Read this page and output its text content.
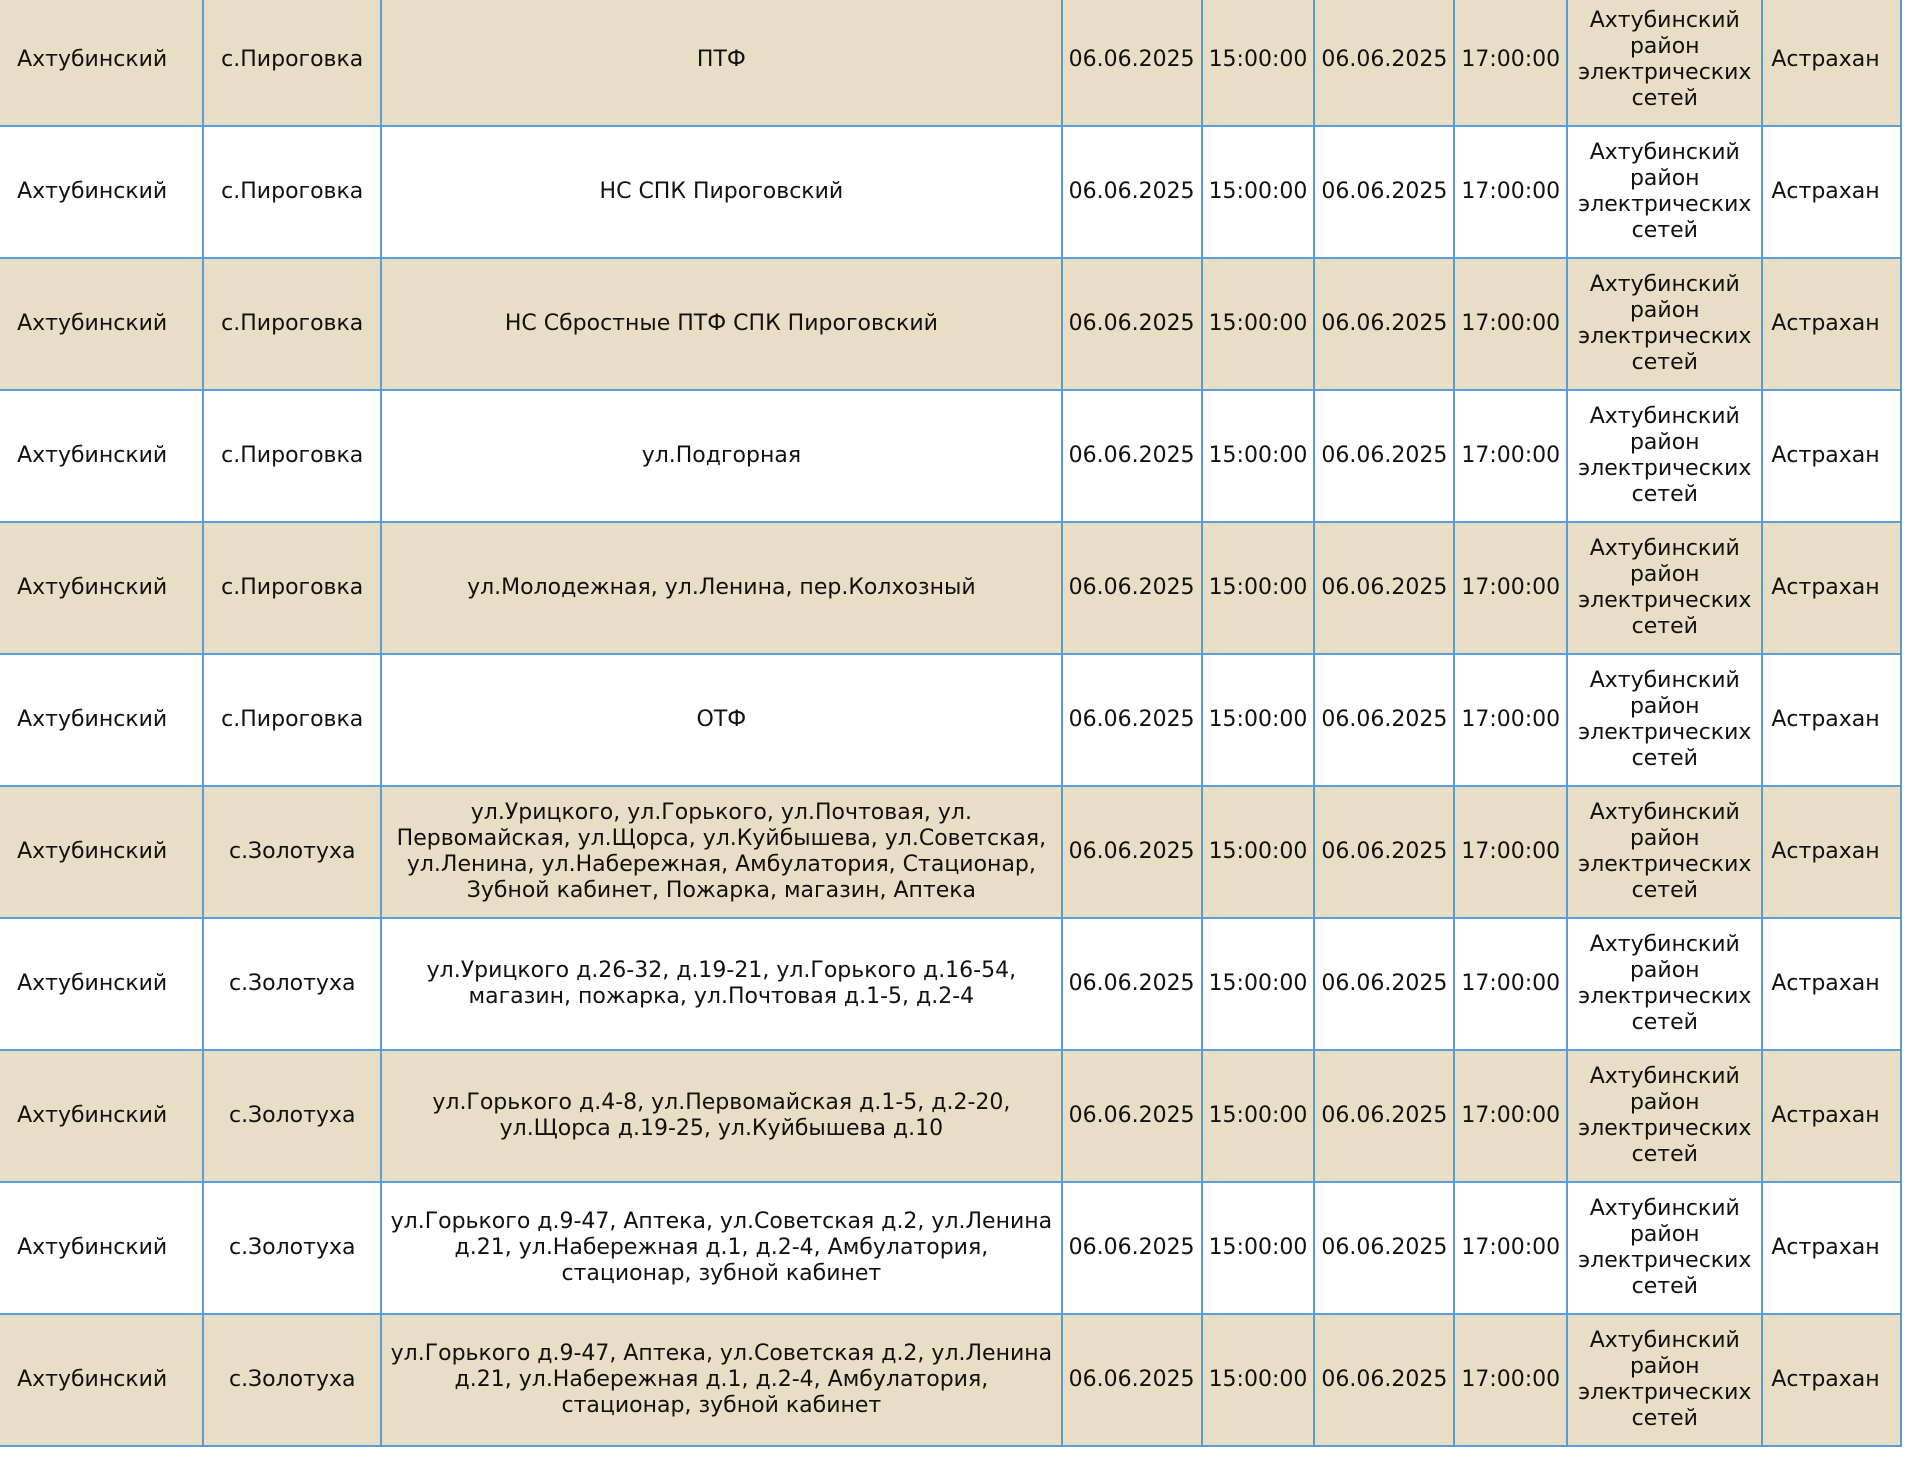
Ахтубинский	с.Пироговка	ПТФ	06.06.2025	15:00:00	06.06.2025	17:00:00	Ахтубинский район электрических сетей	Астрахан
Ахтубинский	с.Пироговка	НС СПК Пироговский	06.06.2025	15:00:00	06.06.2025	17:00:00	Ахтубинский район электрических сетей	Астрахан
Ахтубинский	с.Пироговка	НС Сбростные ПТФ СПК Пироговский	06.06.2025	15:00:00	06.06.2025	17:00:00	Ахтубинский район электрических сетей	Астрахан
Ахтубинский	с.Пироговка	ул.Подгорная	06.06.2025	15:00:00	06.06.2025	17:00:00	Ахтубинский район электрических сетей	Астрахан
Ахтубинский	с.Пироговка	ул.Молодежная, ул.Ленина, пер.Колхозный	06.06.2025	15:00:00	06.06.2025	17:00:00	Ахтубинский район электрических сетей	Астрахан
Ахтубинский	с.Пироговка	ОТФ	06.06.2025	15:00:00	06.06.2025	17:00:00	Ахтубинский район электрических сетей	Астрахан
Ахтубинский	с.Золотуха	ул.Урицкого, ул.Горького, ул.Почтовая, ул. Первомайская, ул.Щорса, ул.Куйбышева, ул.Советская, ул.Ленина, ул.Набережная, Амбулатория, Стационар, Зубной кабинет, Пожарка, магазин, Аптека	06.06.2025	15:00:00	06.06.2025	17:00:00	Ахтубинский район электрических сетей	Астрахан
Ахтубинский	с.Золотуха	ул.Урицкого д.26-32, д.19-21, ул.Горького д.16-54, магазин, пожарка, ул.Почтовая д.1-5, д.2-4	06.06.2025	15:00:00	06.06.2025	17:00:00	Ахтубинский район электрических сетей	Астрахан
Ахтубинский	с.Золотуха	ул.Горького д.4-8, ул.Первомайская д.1-5, д.2-20, ул.Щорса д.19-25, ул.Куйбышева д.10	06.06.2025	15:00:00	06.06.2025	17:00:00	Ахтубинский район электрических сетей	Астрахан
Ахтубинский	с.Золотуха	ул.Горького д.9-47, Аптека, ул.Советская д.2, ул.Ленина д.21, ул.Набережная д.1, д.2-4, Амбулатория, стационар, зубной кабинет	06.06.2025	15:00:00	06.06.2025	17:00:00	Ахтубинский район электрических сетей	Астрахан
Ахтубинский	с.Золотуха	ул.Горького д.9-47, Аптека, ул.Советская д.2, ул.Ленина д.21, ул.Набережная д.1, д.2-4, Амбулатория, стационар, зубной кабинет	06.06.2025	15:00:00	06.06.2025	17:00:00	Ахтубинский район электрических сетей	Астрахан
